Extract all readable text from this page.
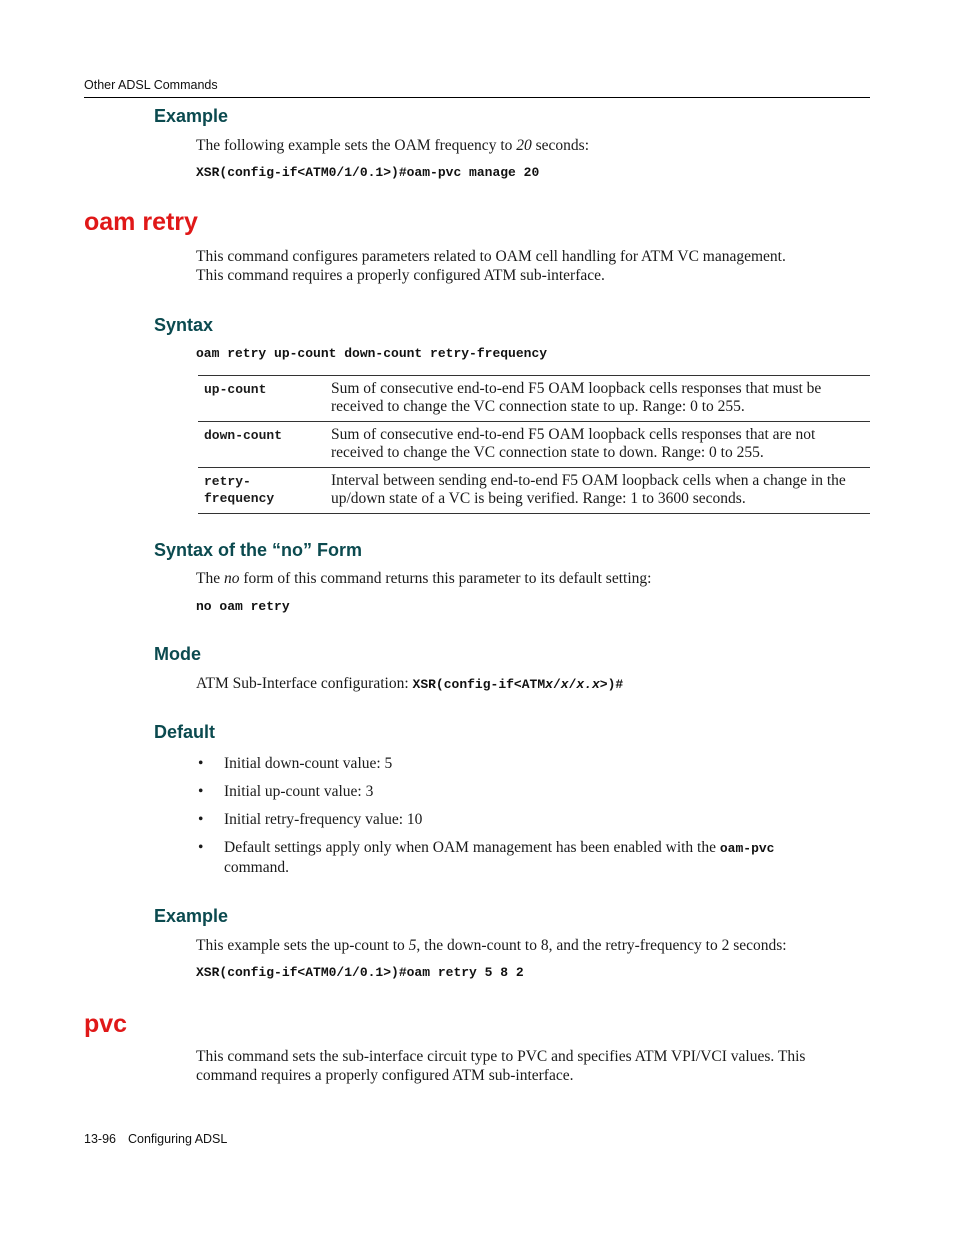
Other ADSL Commands
Example
The following example sets the OAM frequency to 20 seconds:
XSR(config-if<ATM0/1/0.1>)#oam-pvc manage 20
oam retry
This command configures parameters related to OAM cell handling for ATM VC management.
This command requires a properly configured ATM sub-interface.
Syntax
oam retry up-count down-count retry-frequency
up-count	Sum of consecutive end-to-end F5 OAM loopback cells responses that must be received to change the VC connection state to up. Range: 0 to 255.
down-count	Sum of consecutive end-to-end F5 OAM loopback cells responses that are not received to change the VC connection state to down. Range: 0 to 255.

retry-
frequency	Interval between sending end-to-end F5 OAM loopback cells when a change in the up/down state of a VC is being verified. Range: 1 to 3600 seconds.
Syntax of the “no” Form
The no form of this command returns this parameter to its default setting:
no oam retry
Mode
ATM Sub-Interface configuration: XSR(config-if<ATMx/x/x.x>)#
Default
• Initial down-count value: 5
• Initial up-count value: 3
• Initial retry-frequency value: 10
• Default settings apply only when OAM management has been enabled with the oam-pvc
command.
Example
This example sets the up-count to 5, the down-count to 8, and the retry-frequency to 2 seconds:
XSR(config-if<ATM0/1/0.1>)#oam retry 5 8 2
pvc
This command sets the sub-interface circuit type to PVC and specifies ATM VPI/VCI values. This
command requires a properly configured ATM sub-interface.
13-96 Configuring ADSL
